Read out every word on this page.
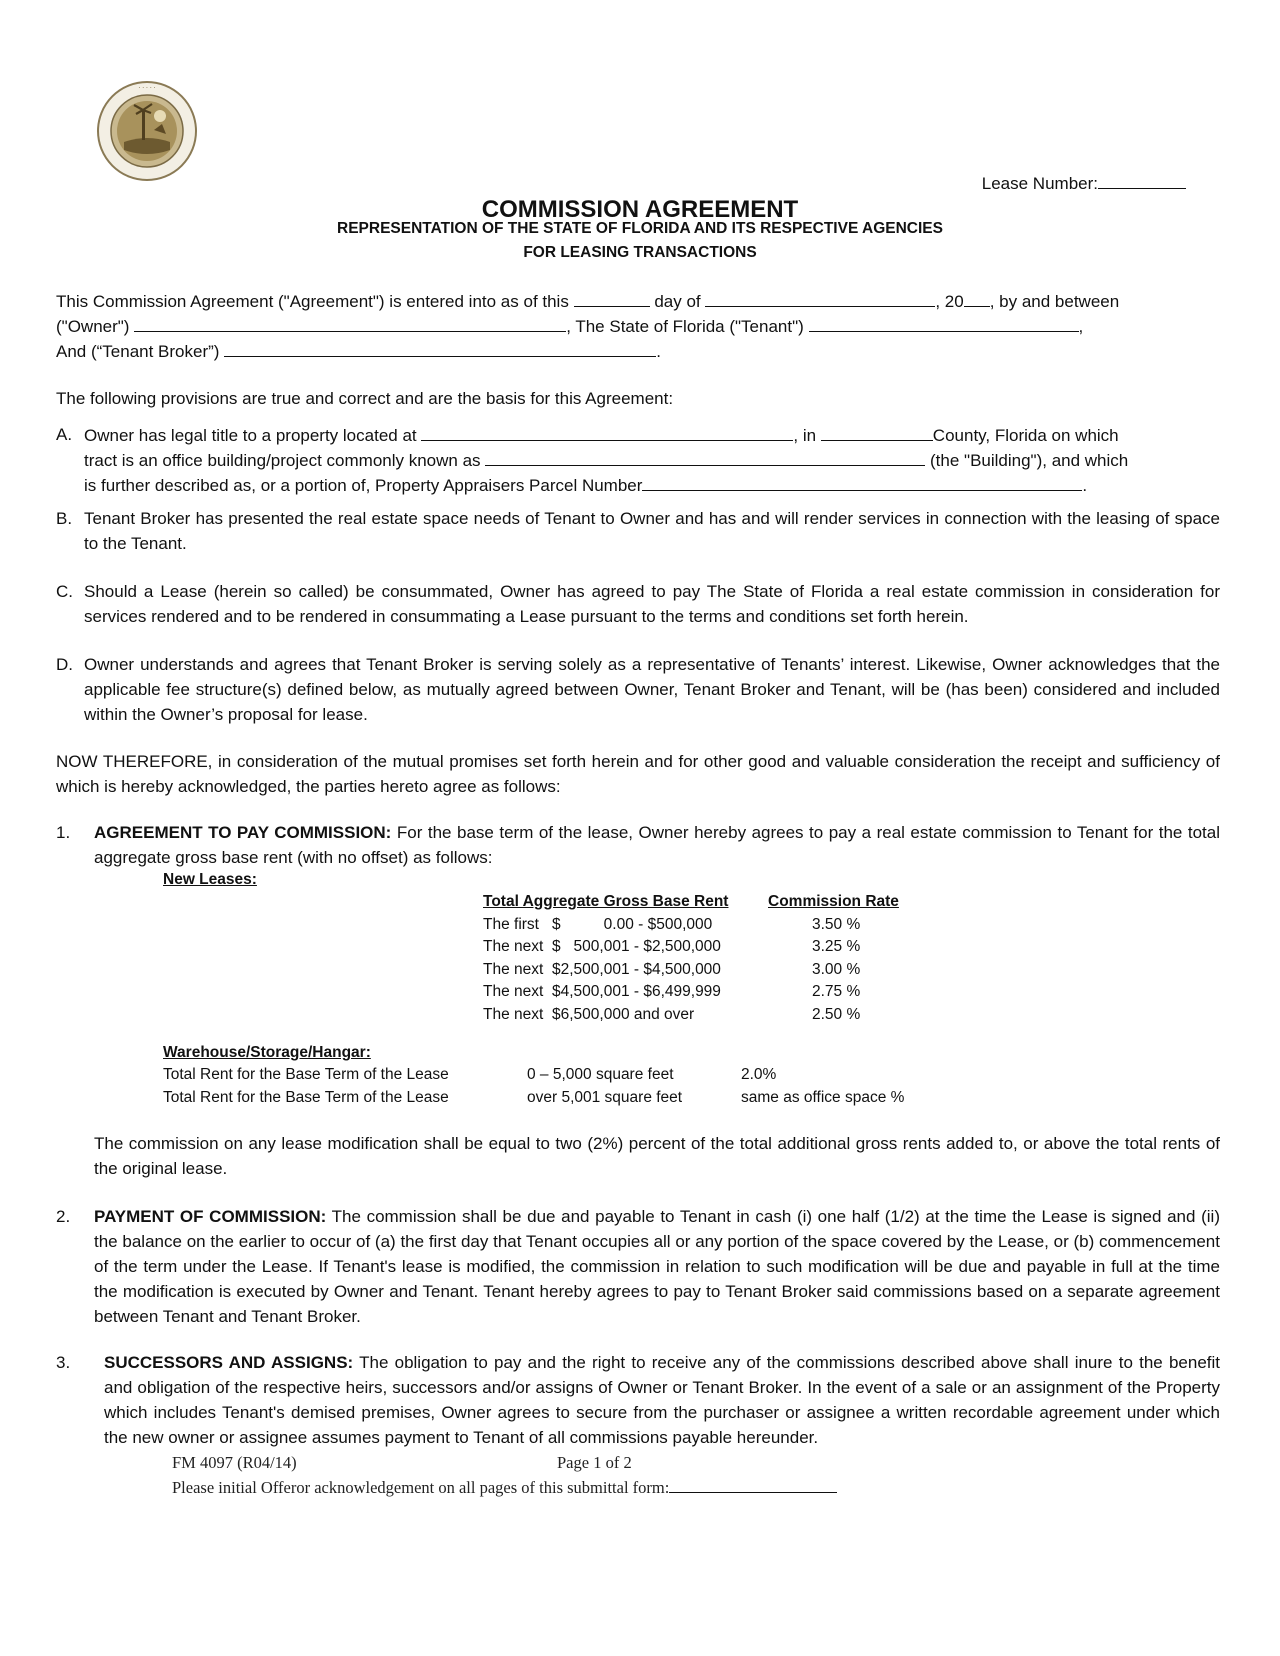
· · · · ·
Lease Number:
COMMISSION AGREEMENT
REPRESENTATION OF THE STATE OF FLORIDA AND ITS RESPECTIVE AGENCIES
FOR LEASING TRANSACTIONS
This Commission Agreement ("Agreement") is entered into as of this	day of	, 20 , by and between
("Owner")	, The State of Florida ("Tenant")	,
And (“Tenant Broker”)	.
The following provisions are true and correct and are the basis for this Agreement:
A. Owner has legal title to a property located at	, in	County, Florida on which
tract is an office building/project commonly known as	(the "Building"), and which
is further described as, or a portion of, Property Appraisers Parcel Number	.
B. Tenant Broker has presented the real estate space needs of Tenant to Owner and has and will render services in connection with the leasing of space to the Tenant.
C. Should a Lease (herein so called) be consummated, Owner has agreed to pay The State of Florida a real estate commission in consideration for services rendered and to be rendered in consummating a Lease pursuant to the terms and conditions set forth herein.
D. Owner understands and agrees that Tenant Broker is serving solely as a representative of Tenants’ interest. Likewise, Owner acknowledges that the applicable fee structure(s) defined below, as mutually agreed between Owner, Tenant Broker and Tenant, will be (has been) considered and included within the Owner’s proposal for lease.
NOW THEREFORE, in consideration of the mutual promises set forth herein and for other good and valuable consideration the receipt and sufficiency of which is hereby acknowledged, the parties hereto agree as follows:
1. AGREEMENT TO PAY COMMISSION: For the base term of the lease, Owner hereby agrees to pay a real estate commission to Tenant for the total aggregate gross base rent (with no offset) as follows:
New Leases:
Total Aggregate Gross Base Rent	Commission Rate
The first $          0.00 - $500,000	3.50 %
The next $   500,001 - $2,500,000	3.25 %
The next $2,500,001 - $4,500,000	3.00 %
The next $4,500,001 - $6,499,999	2.75 %
The next $6,500,000 and over	2.50 %
Warehouse/Storage/Hangar:
Total Rent for the Base Term of the Lease	0 – 5,000 square feet	2.0%
Total Rent for the Base Term of the Lease	over 5,001 square feet	same as office space %
The commission on any lease modification shall be equal to two (2%) percent of the total additional gross rents added to, or above the total rents of the original lease.
2. PAYMENT OF COMMISSION: The commission shall be due and payable to Tenant in cash (i) one half (1/2) at the time the Lease is signed and (ii) the balance on the earlier to occur of (a) the first day that Tenant occupies all or any portion of the space covered by the Lease, or (b) commencement of the term under the Lease. If Tenant's lease is modified, the commission in relation to such modification will be due and payable in full at the time the modification is executed by Owner and Tenant. Tenant hereby agrees to pay to Tenant Broker said commissions based on a separate agreement between Tenant and Tenant Broker.
3. SUCCESSORS AND ASSIGNS: The obligation to pay and the right to receive any of the commissions described above shall inure to the benefit and obligation of the respective heirs, successors and/or assigns of Owner or Tenant Broker. In the event of a sale or an assignment of the Property which includes Tenant's demised premises, Owner agrees to secure from the purchaser or assignee a written recordable agreement under which the new owner or assignee assumes payment to Tenant of all commissions payable hereunder.
FM 4097 (R04/14)	Page 1 of 2
Please initial Offeror acknowledgement on all pages of this submittal form:
